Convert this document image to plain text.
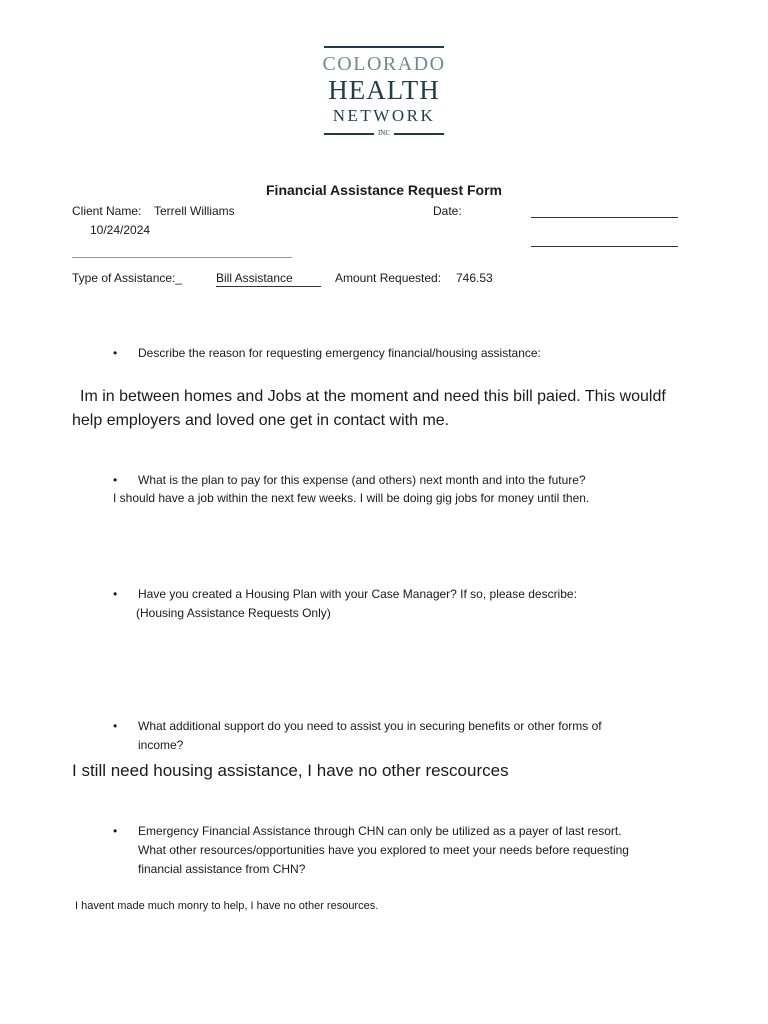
COLORADO
HEALTH
NETWORK
INC
Financial Assistance Request Form
Client Name: Terrell Williams	Date:
10/24/2024
Type of Assistance:_	Bill Assistance	Amount Requested: 746.53
• Describe the reason for requesting emergency financial/housing assistance:
Im in between homes and Jobs at the moment and need this bill paied. This wouldf
help employers and loved one get in contact with me.
• What is the plan to pay for this expense (and others) next month and into the future?
I should have a job within the next few weeks. I will be doing gig jobs for money until then.
• Have you created a Housing Plan with your Case Manager? If so, please describe:
(Housing Assistance Requests Only)
• What additional support do you need to assist you in securing benefits or other forms of
income?
I still need housing assistance, I have no other rescources
• Emergency Financial Assistance through CHN can only be utilized as a payer of last resort.
What other resources/opportunities have you explored to meet your needs before requesting
financial assistance from CHN?
I havent made much monry to help, I have no other resources.
